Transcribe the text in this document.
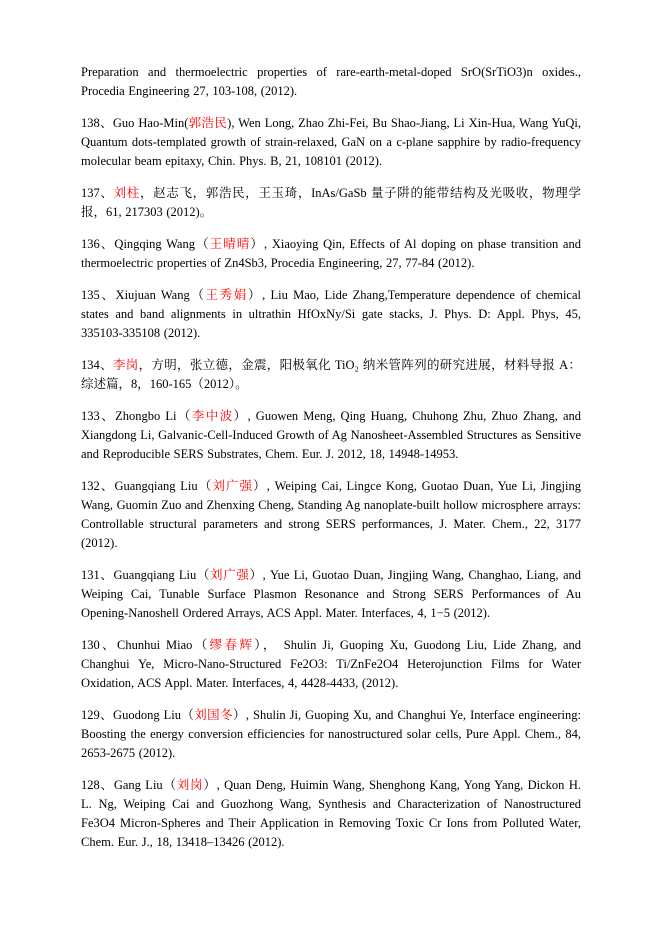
Preparation and thermoelectric properties of rare-earth-metal-doped SrO(SrTiO3)n oxides., Procedia Engineering 27, 103-108, (2012).

138、Guo Hao-Min(郭浩民), Wen Long, Zhao Zhi-Fei, Bu Shao-Jiang, Li Xin-Hua, Wang YuQi, Quantum dots-templated growth of strain-relaxed, GaN on a c-plane sapphire by radio-frequency molecular beam epitaxy, Chin. Phys. B, 21, 108101 (2012).

137、刘柱，赵志飞，郭浩民，王玉琦，InAs/GaSb 量子阱的能带结构及光吸收，物理学报，61, 217303 (2012)。

136、Qingqing Wang（王晴晴）, Xiaoying Qin, Effects of Al doping on phase transition and thermoelectric properties of Zn4Sb3, Procedia Engineering, 27, 77-84 (2012).

135、Xiujuan Wang（王秀娟）, Liu Mao, Lide Zhang,Temperature dependence of chemical states and band alignments in ultrathin HfOxNy/Si gate stacks, J. Phys. D: Appl. Phys, 45, 335103-335108 (2012).

134、李岗，方明，张立德，金震，阳极氧化 TiO₂ 纳米管阵列的研究进展，材料导报 A：综述篇，8，160-165（2012）。

133、Zhongbo Li（李中波）, Guowen Meng, Qing Huang, Chuhong Zhu, Zhuo Zhang, and Xiangdong Li, Galvanic-Cell-Induced Growth of Ag Nanosheet-Assembled Structures as Sensitive and Reproducible SERS Substrates, Chem. Eur. J. 2012, 18, 14948-14953.

132、Guangqiang Liu（刘广强）, Weiping Cai, Lingce Kong, Guotao Duan, Yue Li, Jingjing Wang, Guomin Zuo and Zhenxing Cheng, Standing Ag nanoplate-built hollow microsphere arrays: Controllable structural parameters and strong SERS performances, J. Mater. Chem., 22, 3177 (2012).

131、Guangqiang Liu（刘广强）, Yue Li, Guotao Duan, Jingjing Wang, Changhao, Liang, and Weiping Cai, Tunable Surface Plasmon Resonance and Strong SERS Performances of Au Opening-Nanoshell Ordered Arrays, ACS Appl. Mater. Interfaces, 4, 1−5 (2012).

130、Chunhui Miao（缪春辉）， Shulin Ji, Guoping Xu, Guodong Liu, Lide Zhang, and Changhui Ye, Micro-Nano-Structured Fe2O3: Ti/ZnFe2O4 Heterojunction Films for Water Oxidation, ACS Appl. Mater. Interfaces, 4, 4428-4433, (2012).

129、Guodong Liu（刘国冬）, Shulin Ji, Guoping Xu, and Changhui Ye, Interface engineering: Boosting the energy conversion efficiencies for nanostructured solar cells, Pure Appl. Chem., 84, 2653-2675 (2012).

128、Gang Liu（刘岗）, Quan Deng, Huimin Wang, Shenghong Kang, Yong Yang, Dickon H. L. Ng, Weiping Cai and Guozhong Wang, Synthesis and Characterization of Nanostructured Fe3O4 Micron-Spheres and Their Application in Removing Toxic Cr Ions from Polluted Water, Chem. Eur. J., 18, 13418–13426 (2012).
